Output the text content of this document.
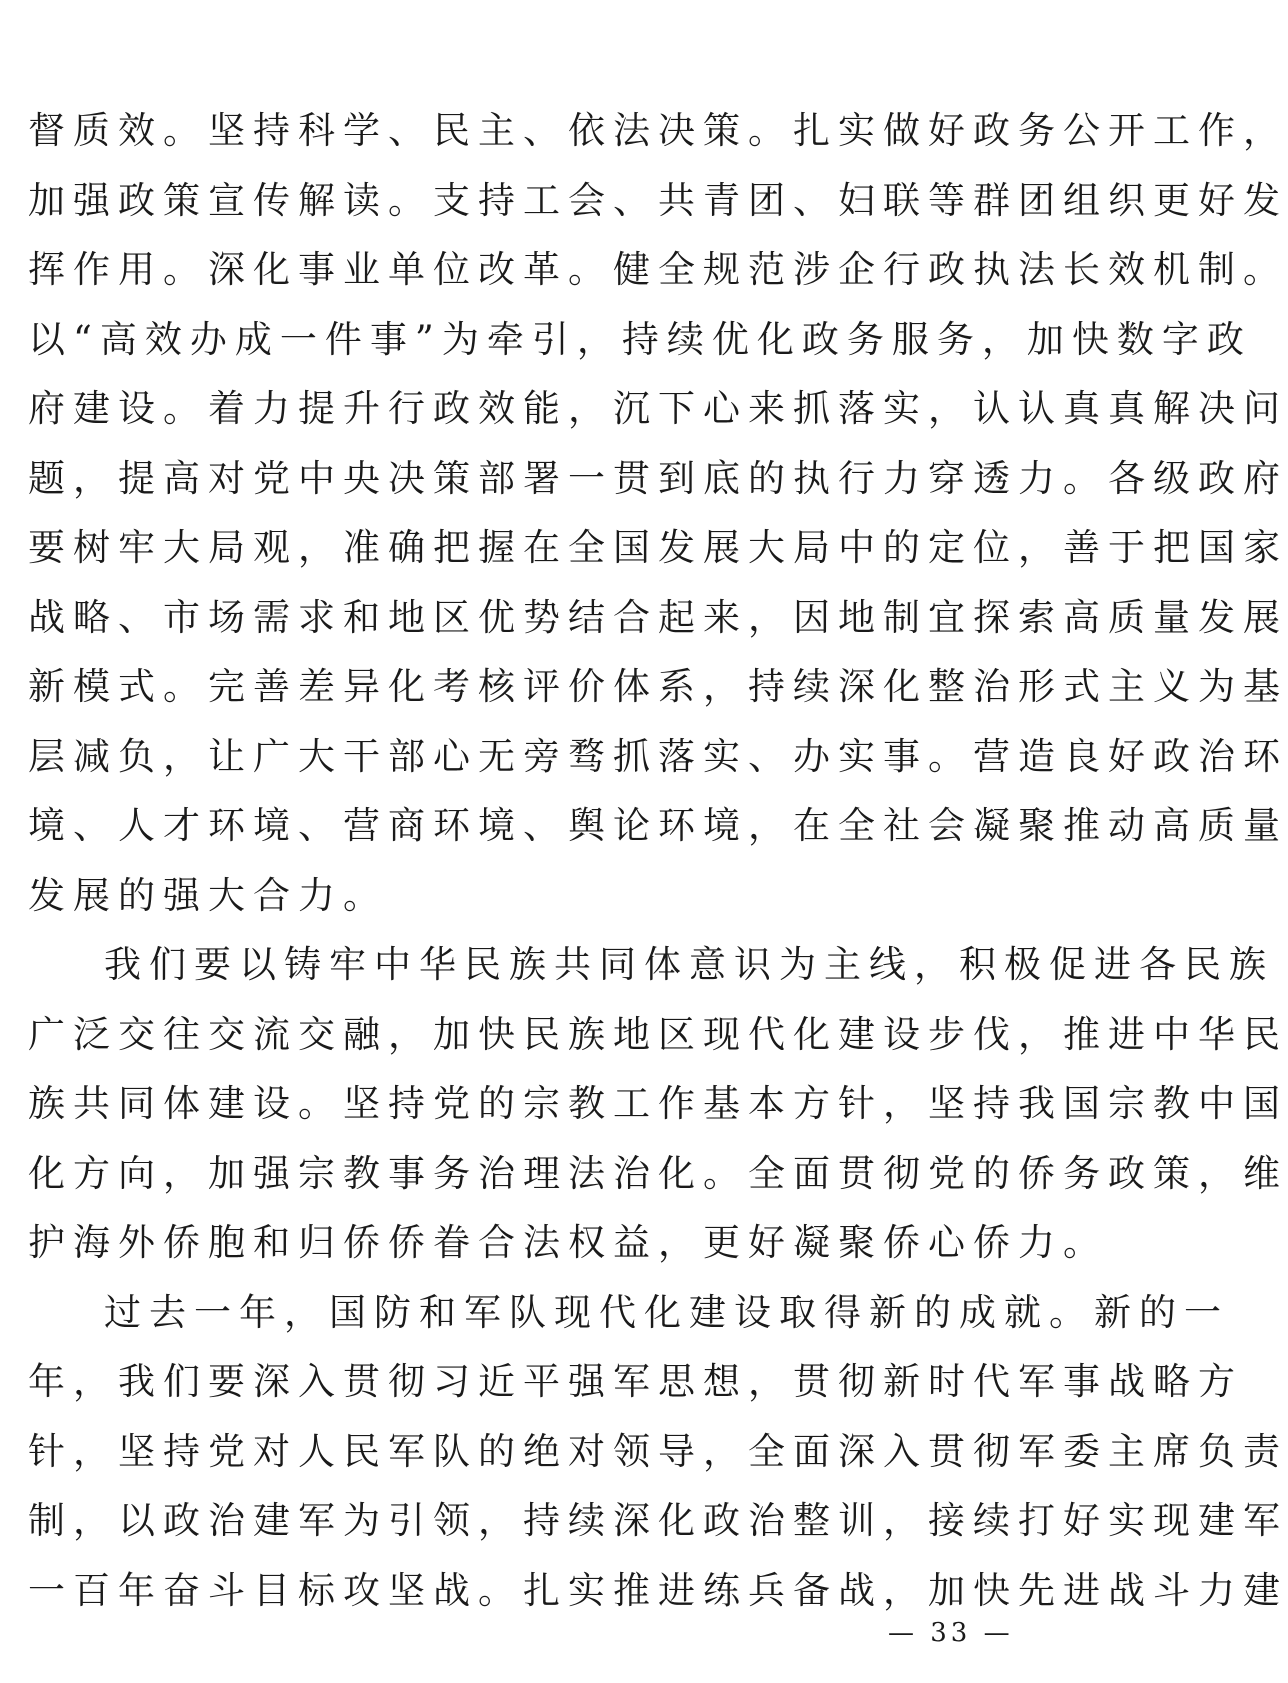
督质效。坚持科学、民主、依法决策。扎实做好政务公开工作，
加强政策宣传解读。支持工会、共青团、妇联等群团组织更好发
挥作用。深化事业单位改革。健全规范涉企行政执法长效机制。
以“高效办成一件事”为牵引，持续优化政务服务，加快数字政
府建设。着力提升行政效能，沉下心来抓落实，认认真真解决问
题，提高对党中央决策部署一贯到底的执行力穿透力。各级政府
要树牢大局观，准确把握在全国发展大局中的定位，善于把国家
战略、市场需求和地区优势结合起来，因地制宜探索高质量发展
新模式。完善差异化考核评价体系，持续深化整治形式主义为基
层减负，让广大干部心无旁骛抓落实、办实事。营造良好政治环
境、人才环境、营商环境、舆论环境，在全社会凝聚推动高质量
发展的强大合力。
我们要以铸牢中华民族共同体意识为主线，积极促进各民族
广泛交往交流交融，加快民族地区现代化建设步伐，推进中华民
族共同体建设。坚持党的宗教工作基本方针，坚持我国宗教中国
化方向，加强宗教事务治理法治化。全面贯彻党的侨务政策，维
护海外侨胞和归侨侨眷合法权益，更好凝聚侨心侨力。
过去一年，国防和军队现代化建设取得新的成就。新的一
年，我们要深入贯彻习近平强军思想，贯彻新时代军事战略方
针，坚持党对人民军队的绝对领导，全面深入贯彻军委主席负责
制，以政治建军为引领，持续深化政治整训，接续打好实现建军
一百年奋斗目标攻坚战。扎实推进练兵备战，加快先进战斗力建
— 33 —
